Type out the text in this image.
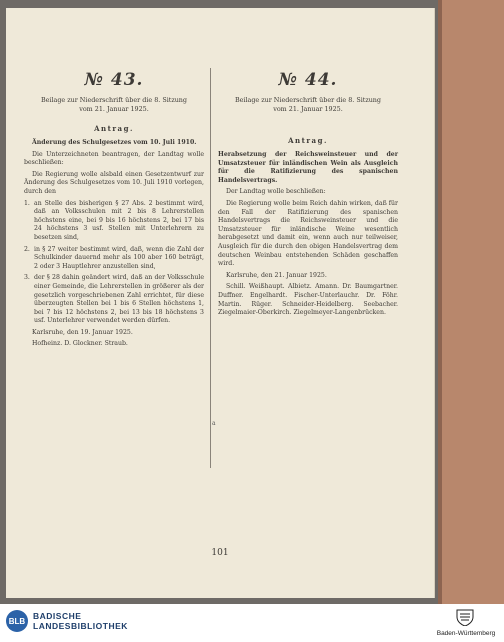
№ 43.
Beilage zur Niederschrift über die 8. Sitzung
vom 21. Januar 1925.
Antrag.

Änderung des Schulgesetzes vom 10. Juli 1910.

Die Unterzeichneten beantragen, der Landtag wolle beschließen:

Die Regierung wolle alsbald einen Gesetzentwurf zur Änderung des Schulgesetzes vom 10. Juli 1910 vorlegen, durch den

1. an Stelle des bisherigen § 27 Abs. 2 bestimmt wird, daß an Volksschulen mit 2 bis 8 Lehrerstellen höchstens eine, bei 9 bis 16 höchstens 2, bei 17 bis 24 höchstens 3 usf. Stellen mit Unterlehrern zu besetzen sind,
2. in § 27 weiter bestimmt wird, daß, wenn die Zahl der Schulkinder dauernd mehr als 100 aber 160 beträgt, 2 oder 3 Hauptlehrer anzustellen sind,
3. der § 28 dahin geändert wird, daß an der Volksschule einer Gemeinde, die Lehrerstellen in größerer als der gesetzlich vorgeschriebenen Zahl errichtet, für diese überzeugten Stellen bei 1 bis 6 Stellen höchstens 1, bei 7 bis 12 höchstens 2, bei 13 bis 18 höchstens 3 usf. Unterlehrer verwendet werden dürfen.

Karlsruhe, den 19. Januar 1925.

Hofheinz. D. Glockner. Straub.

№ 44.
Beilage zur Niederschrift über die 8. Sitzung
vom 21. Januar 1925.
Antrag.

Herabsetzung der Reichsweinsteuer und der Umsatzsteuer für inländischen Wein als Ausgleich für die Ratifizierung des spanischen Handelsvertrags.

Der Landtag wolle beschließen:

Die Regierung wolle beim Reich dahin wirken, daß für den Fall der Ratifizierung des spanischen Handelsvertrags die Reichsweinsteuer und die Umsatzsteuer für inländische Weine wesentlich herabgesetzt und damit ein, wenn auch nur teilweiser, Ausgleich für die durch den obigen Handelsvertrag dem deutschen Weinbau entstehenden Schäden geschaffen wird.

Karlsruhe, den 21. Januar 1925.

Schill. Weißhaupt. Albietz. Amann. Dr. Baumgartner. Duffner. Engelhardt. Fischer-Unterlauchr. Dr. Föhr. Martin. Rüger. Schneider-Heidelberg. Seebacher. Ziegelmaier-Oberkirch. Ziegelmeyer-Langenbrücken.

a
101
BLB BADISCHE
LANDESBIBLIOTHEK
Baden-Württemberg
